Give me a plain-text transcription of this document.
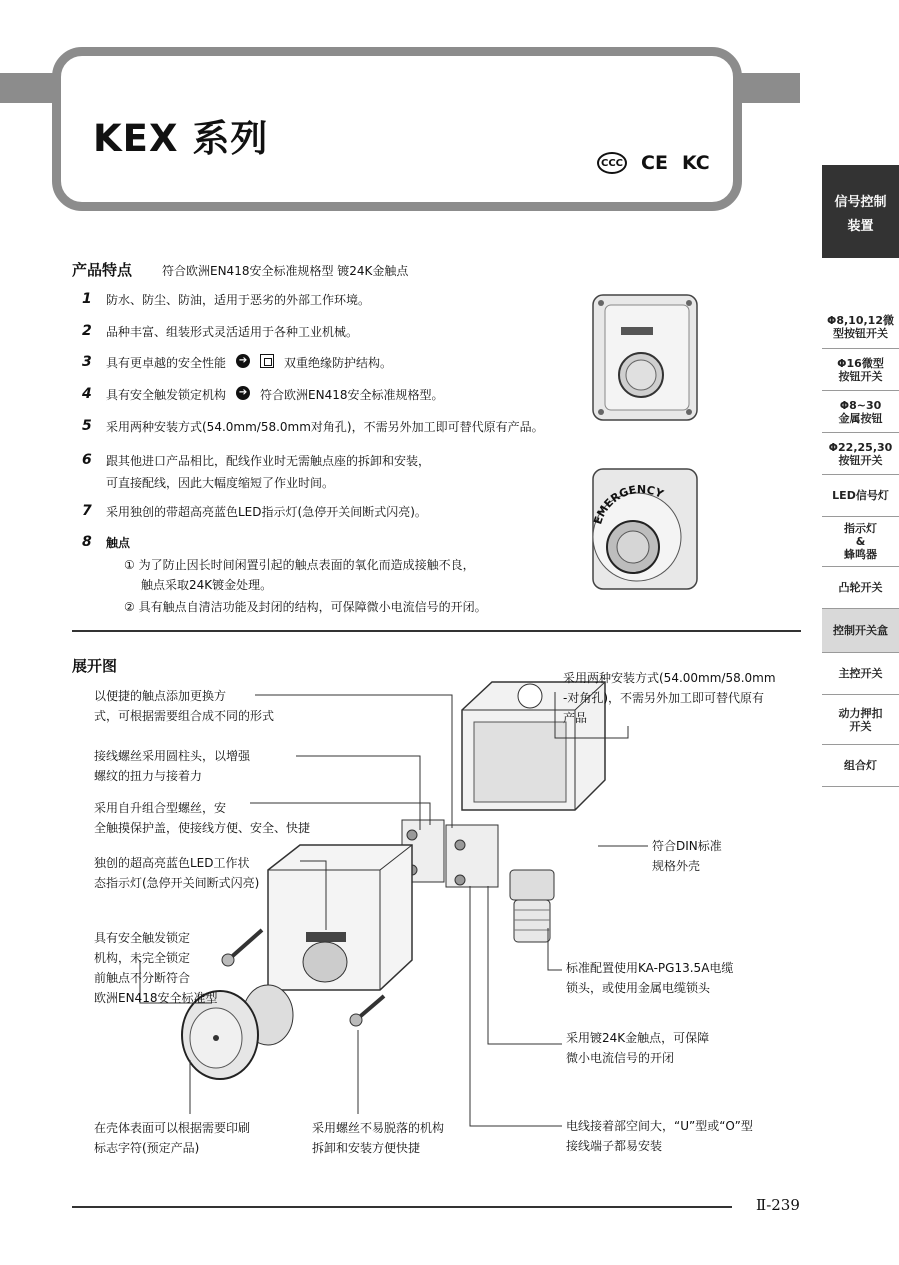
KEX 系列
CCC CE KC
信号控制
装置
Φ8,10,12微
型按钮开关
Φ16微型
按钮开关
Φ8~30
金属按钮
Φ22,25,30
按钮开关
LED信号灯
指示灯
&
蜂鸣器
凸轮开关
控制开关盒
主控开关
动力押扣
开关
组合灯
产品特点 符合欧洲EN418安全标准规格型 镀24K金触点
1	防水、防尘、防油，适用于恶劣的外部工作环境。
2	品种丰富、组装形式灵活适用于各种工业机械。
3	具有更卓越的安全性能 ➔	双重绝缘防护结构。
4	具有安全触发锁定机构 ➔ 符合欧洲EN418安全标准规格型。
5	采用两种安装方式(54.0mm/58.0mm对角孔)，不需另外加工即可替代原有产品。
6	跟其他进口产品相比，配线作业时无需触点座的拆卸和安装，
可直接配线，因此大幅度缩短了作业时间。
7	采用独创的带超高亮蓝色LED指示灯(急停开关间断式闪亮)。
8	触点
① 为了防止因长时间闲置引起的触点表面的氧化而造成接触不良，
触点采取24K镀金处理。
② 具有触点自清洁功能及封闭的结构，可保障微小电流信号的开闭。
EMERGENCY
展开图
以便捷的触点添加更换方
式，可根据需要组合成不同的形式
接线螺丝采用圆柱头，以增强
螺纹的扭力与接着力
采用自升组合型螺丝，安
全触摸保护盖，使接线方便、安全、快捷
独创的超高亮蓝色LED工作状
态指示灯(急停开关间断式闪亮)
具有安全触发锁定
机构，未完全锁定
前触点不分断符合
欧洲EN418安全标准型
在壳体表面可以根据需要印刷
标志字符(预定产品)
采用螺丝不易脱落的机构
拆卸和安装方便快捷
采用两种安装方式(54.00mm/58.0mm
-对角孔)，不需另外加工即可替代原有
产品
符合DIN标准
规格外壳
标准配置使用KA-PG13.5A电缆
锁头，或使用金属电缆锁头
采用镀24K金触点，可保障
微小电流信号的开闭
电线接着部空间大，“U”型或“O”型
接线端子都易安装
Ⅱ-239
